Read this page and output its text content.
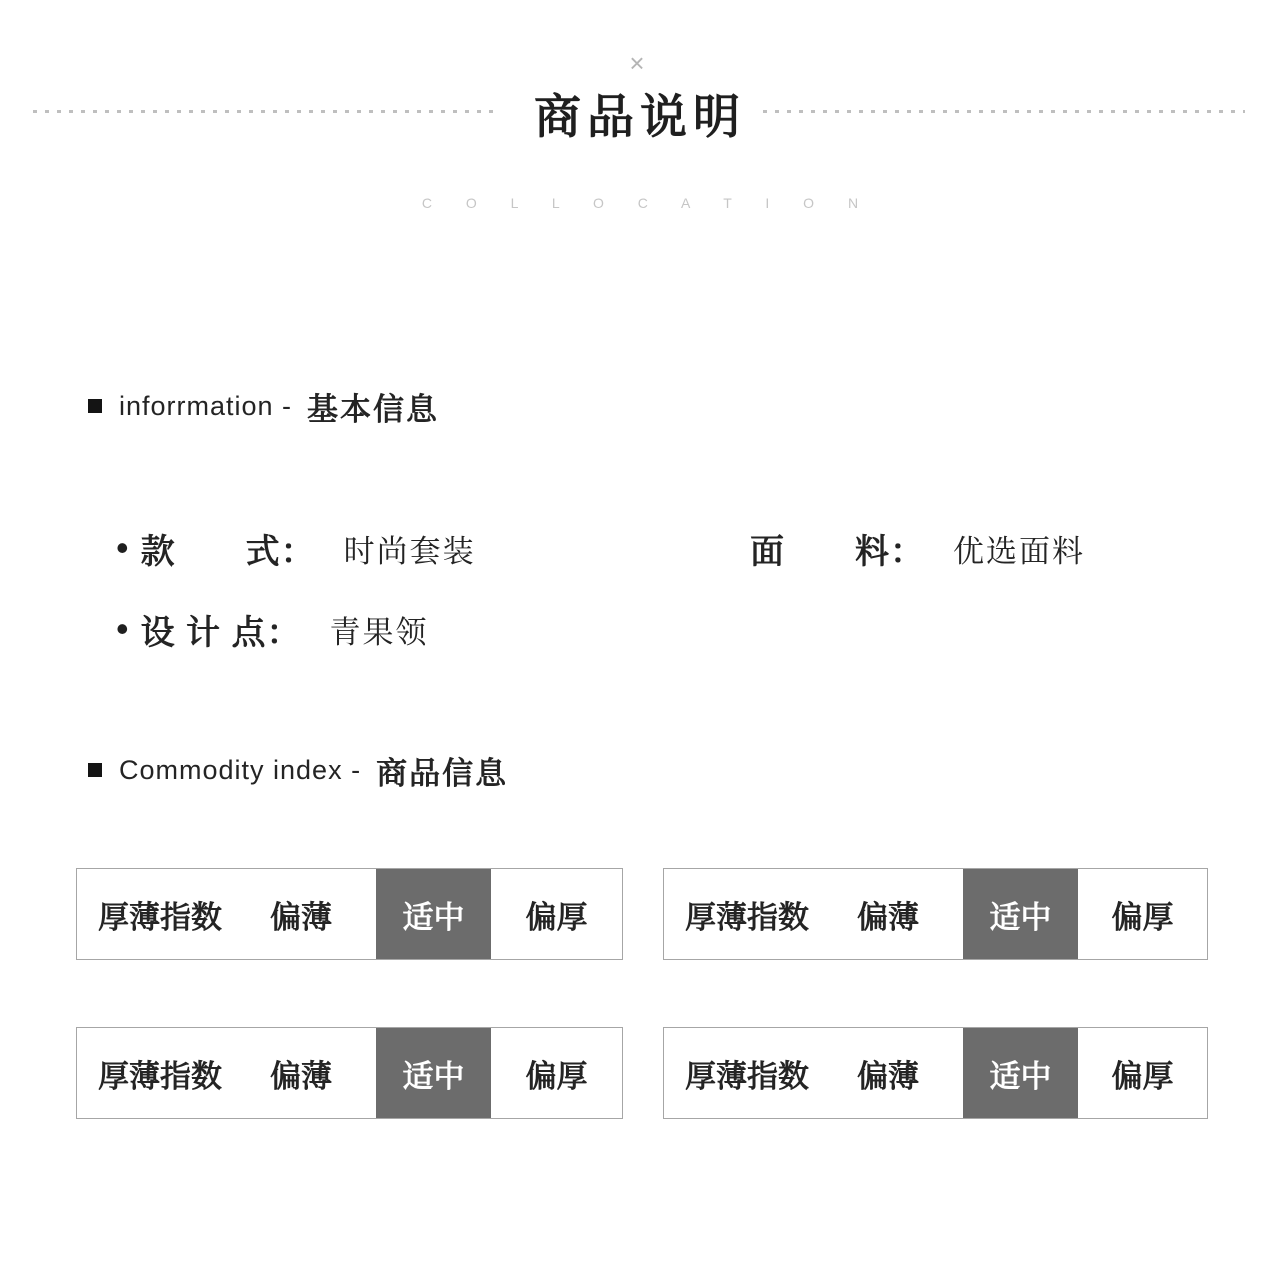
×
商品说明
C O L L O C A T I O N
inforrmation - 基本信息
• 款　　式： 时尚套装	面　　料： 优选面料
• 设 计 点： 青果领
Commodity index - 商品信息
厚薄指数	偏薄	适中	偏厚	厚薄指数	偏薄	适中	偏厚
厚薄指数	偏薄	适中	偏厚	厚薄指数	偏薄	适中	偏厚
